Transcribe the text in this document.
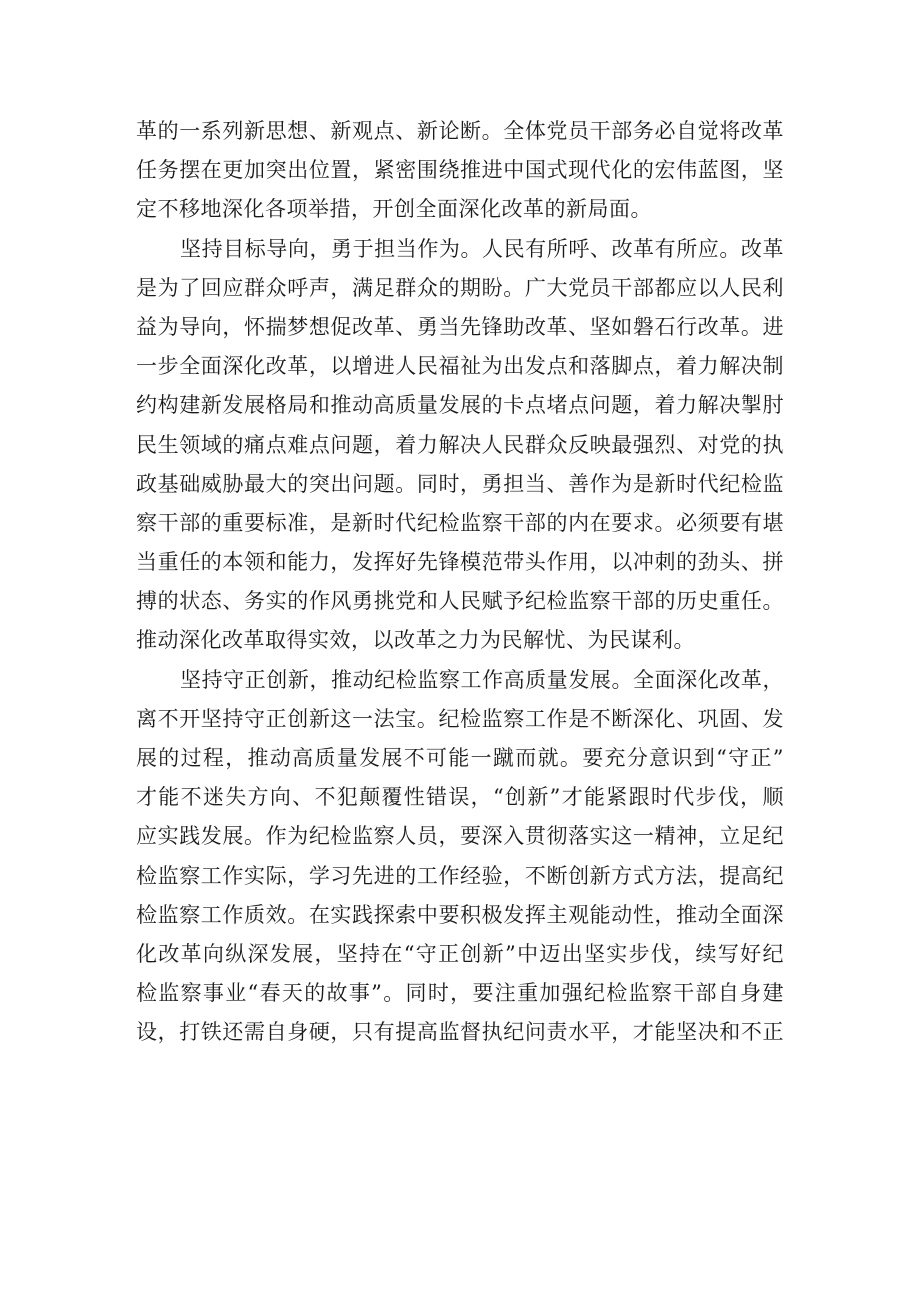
革的一系列新思想、新观点、新论断。全体党员干部务必自觉将改革
任务摆在更加突出位置，紧密围绕推进中国式现代化的宏伟蓝图，坚
定不移地深化各项举措，开创全面深化改革的新局面。
坚持目标导向，勇于担当作为。人民有所呼、改革有所应。改革
是为了回应群众呼声，满足群众的期盼。广大党员干部都应以人民利
益为导向，怀揣梦想促改革、勇当先锋助改革、坚如磐石行改革。进
一步全面深化改革，以增进人民福祉为出发点和落脚点，着力解决制
约构建新发展格局和推动高质量发展的卡点堵点问题，着力解决掣肘
民生领域的痛点难点问题，着力解决人民群众反映最强烈、对党的执
政基础威胁最大的突出问题。同时，勇担当、善作为是新时代纪检监
察干部的重要标准，是新时代纪检监察干部的内在要求。必须要有堪
当重任的本领和能力，发挥好先锋模范带头作用，以冲刺的劲头、拼
搏的状态、务实的作风勇挑党和人民赋予纪检监察干部的历史重任。
推动深化改革取得实效，以改革之力为民解忧、为民谋利。
坚持守正创新，推动纪检监察工作高质量发展。全面深化改革，
离不开坚持守正创新这一法宝。纪检监察工作是不断深化、巩固、发
展的过程，推动高质量发展不可能一蹴而就。要充分意识到“守正”
才能不迷失方向、不犯颠覆性错误，“创新”才能紧跟时代步伐，顺
应实践发展。作为纪检监察人员，要深入贯彻落实这一精神，立足纪
检监察工作实际，学习先进的工作经验，不断创新方式方法，提高纪
检监察工作质效。在实践探索中要积极发挥主观能动性，推动全面深
化改革向纵深发展，坚持在“守正创新”中迈出坚实步伐，续写好纪
检监察事业“春天的故事”。同时，要注重加强纪检监察干部自身建
设，打铁还需自身硬，只有提高监督执纪问责水平，才能坚决和不正
